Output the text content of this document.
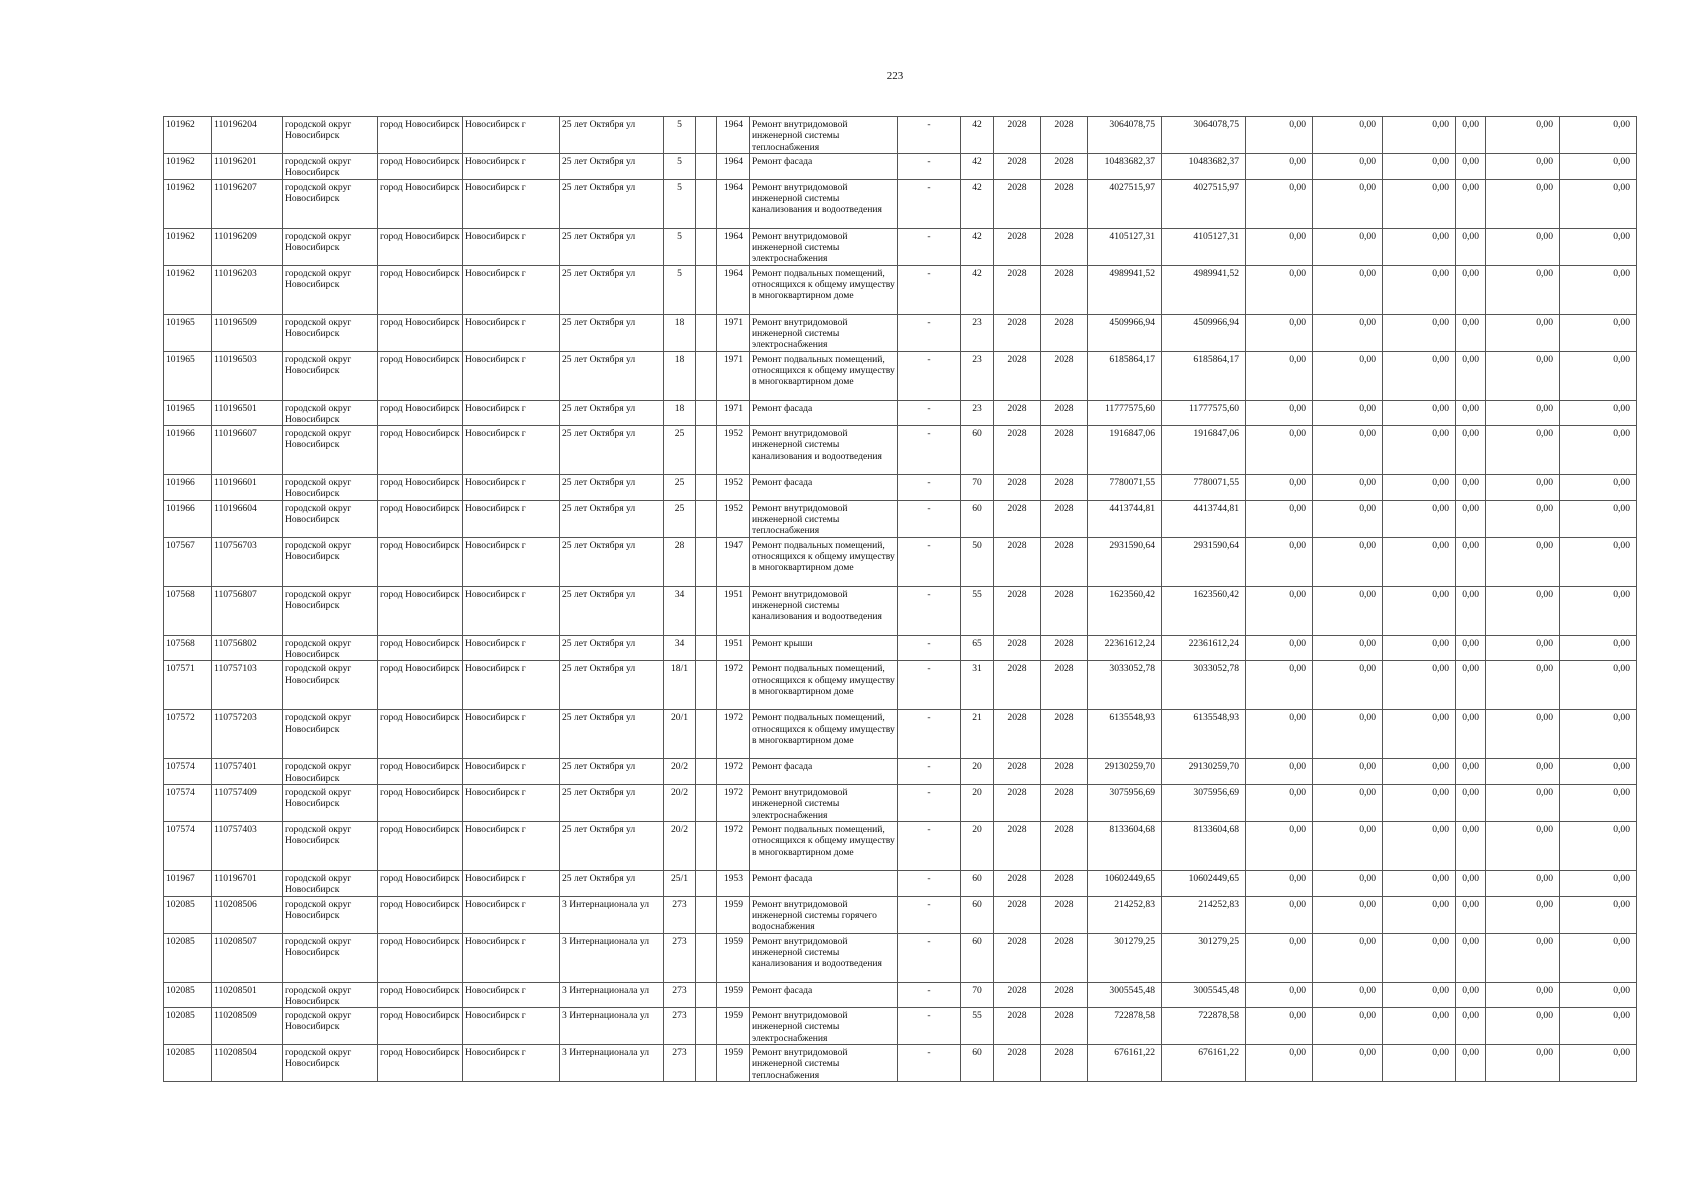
223
101962	110196204	городской округ Новосибирск	город Новосибирск	Новосибирск г	25 лет Октября ул	5		1964	Ремонт внутридомовой инженерной системы теплоснабжения	-	42	2028	2028	3064078,75	3064078,75	0,00	0,00	0,00	0,00	0,00	0,00
101962	110196201	городской округ Новосибирск	город Новосибирск	Новосибирск г	25 лет Октября ул	5		1964	Ремонт фасада	-	42	2028	2028	10483682,37	10483682,37	0,00	0,00	0,00	0,00	0,00	0,00
101962	110196207	городской округ Новосибирск	город Новосибирск	Новосибирск г	25 лет Октября ул	5		1964	Ремонт внутридомовой инженерной системы канализования и водоотведения	-	42	2028	2028	4027515,97	4027515,97	0,00	0,00	0,00	0,00	0,00	0,00
101962	110196209	городской округ Новосибирск	город Новосибирск	Новосибирск г	25 лет Октября ул	5		1964	Ремонт внутридомовой инженерной системы электроснабжения	-	42	2028	2028	4105127,31	4105127,31	0,00	0,00	0,00	0,00	0,00	0,00
101962	110196203	городской округ Новосибирск	город Новосибирск	Новосибирск г	25 лет Октября ул	5		1964	Ремонт подвальных помещений, относящихся к общему имуществу в многоквартирном доме	-	42	2028	2028	4989941,52	4989941,52	0,00	0,00	0,00	0,00	0,00	0,00
101965	110196509	городской округ Новосибирск	город Новосибирск	Новосибирск г	25 лет Октября ул	18		1971	Ремонт внутридомовой инженерной системы электроснабжения	-	23	2028	2028	4509966,94	4509966,94	0,00	0,00	0,00	0,00	0,00	0,00
101965	110196503	городской округ Новосибирск	город Новосибирск	Новосибирск г	25 лет Октября ул	18		1971	Ремонт подвальных помещений, относящихся к общему имуществу в многоквартирном доме	-	23	2028	2028	6185864,17	6185864,17	0,00	0,00	0,00	0,00	0,00	0,00
101965	110196501	городской округ Новосибирск	город Новосибирск	Новосибирск г	25 лет Октября ул	18		1971	Ремонт фасада	-	23	2028	2028	11777575,60	11777575,60	0,00	0,00	0,00	0,00	0,00	0,00
101966	110196607	городской округ Новосибирск	город Новосибирск	Новосибирск г	25 лет Октября ул	25		1952	Ремонт внутридомовой инженерной системы канализования и водоотведения	-	60	2028	2028	1916847,06	1916847,06	0,00	0,00	0,00	0,00	0,00	0,00
101966	110196601	городской округ Новосибирск	город Новосибирск	Новосибирск г	25 лет Октября ул	25		1952	Ремонт фасада	-	70	2028	2028	7780071,55	7780071,55	0,00	0,00	0,00	0,00	0,00	0,00
101966	110196604	городской округ Новосибирск	город Новосибирск	Новосибирск г	25 лет Октября ул	25		1952	Ремонт внутридомовой инженерной системы теплоснабжения	-	60	2028	2028	4413744,81	4413744,81	0,00	0,00	0,00	0,00	0,00	0,00
107567	110756703	городской округ Новосибирск	город Новосибирск	Новосибирск г	25 лет Октября ул	28		1947	Ремонт подвальных помещений, относящихся к общему имуществу в многоквартирном доме	-	50	2028	2028	2931590,64	2931590,64	0,00	0,00	0,00	0,00	0,00	0,00
107568	110756807	городской округ Новосибирск	город Новосибирск	Новосибирск г	25 лет Октября ул	34		1951	Ремонт внутридомовой инженерной системы канализования и водоотведения	-	55	2028	2028	1623560,42	1623560,42	0,00	0,00	0,00	0,00	0,00	0,00
107568	110756802	городской округ Новосибирск	город Новосибирск	Новосибирск г	25 лет Октября ул	34		1951	Ремонт крыши	-	65	2028	2028	22361612,24	22361612,24	0,00	0,00	0,00	0,00	0,00	0,00
107571	110757103	городской округ Новосибирск	город Новосибирск	Новосибирск г	25 лет Октября ул	18/1		1972	Ремонт подвальных помещений, относящихся к общему имуществу в многоквартирном доме	-	31	2028	2028	3033052,78	3033052,78	0,00	0,00	0,00	0,00	0,00	0,00
107572	110757203	городской округ Новосибирск	город Новосибирск	Новосибирск г	25 лет Октября ул	20/1		1972	Ремонт подвальных помещений, относящихся к общему имуществу в многоквартирном доме	-	21	2028	2028	6135548,93	6135548,93	0,00	0,00	0,00	0,00	0,00	0,00
107574	110757401	городской округ Новосибирск	город Новосибирск	Новосибирск г	25 лет Октября ул	20/2		1972	Ремонт фасада	-	20	2028	2028	29130259,70	29130259,70	0,00	0,00	0,00	0,00	0,00	0,00
107574	110757409	городской округ Новосибирск	город Новосибирск	Новосибирск г	25 лет Октября ул	20/2		1972	Ремонт внутридомовой инженерной системы электроснабжения	-	20	2028	2028	3075956,69	3075956,69	0,00	0,00	0,00	0,00	0,00	0,00
107574	110757403	городской округ Новосибирск	город Новосибирск	Новосибирск г	25 лет Октября ул	20/2		1972	Ремонт подвальных помещений, относящихся к общему имуществу в многоквартирном доме	-	20	2028	2028	8133604,68	8133604,68	0,00	0,00	0,00	0,00	0,00	0,00
101967	110196701	городской округ Новосибирск	город Новосибирск	Новосибирск г	25 лет Октября ул	25/1		1953	Ремонт фасада	-	60	2028	2028	10602449,65	10602449,65	0,00	0,00	0,00	0,00	0,00	0,00
102085	110208506	городской округ Новосибирск	город Новосибирск	Новосибирск г	3 Интернационала ул	273		1959	Ремонт внутридомовой инженерной системы горячего водоснабжения	-	60	2028	2028	214252,83	214252,83	0,00	0,00	0,00	0,00	0,00	0,00
102085	110208507	городской округ Новосибирск	город Новосибирск	Новосибирск г	3 Интернационала ул	273		1959	Ремонт внутридомовой инженерной системы канализования и водоотведения	-	60	2028	2028	301279,25	301279,25	0,00	0,00	0,00	0,00	0,00	0,00
102085	110208501	городской округ Новосибирск	город Новосибирск	Новосибирск г	3 Интернационала ул	273		1959	Ремонт фасада	-	70	2028	2028	3005545,48	3005545,48	0,00	0,00	0,00	0,00	0,00	0,00
102085	110208509	городской округ Новосибирск	город Новосибирск	Новосибирск г	3 Интернационала ул	273		1959	Ремонт внутридомовой инженерной системы электроснабжения	-	55	2028	2028	722878,58	722878,58	0,00	0,00	0,00	0,00	0,00	0,00
102085	110208504	городской округ Новосибирск	город Новосибирск	Новосибирск г	3 Интернационала ул	273		1959	Ремонт внутридомовой инженерной системы теплоснабжения	-	60	2028	2028	676161,22	676161,22	0,00	0,00	0,00	0,00	0,00	0,00
